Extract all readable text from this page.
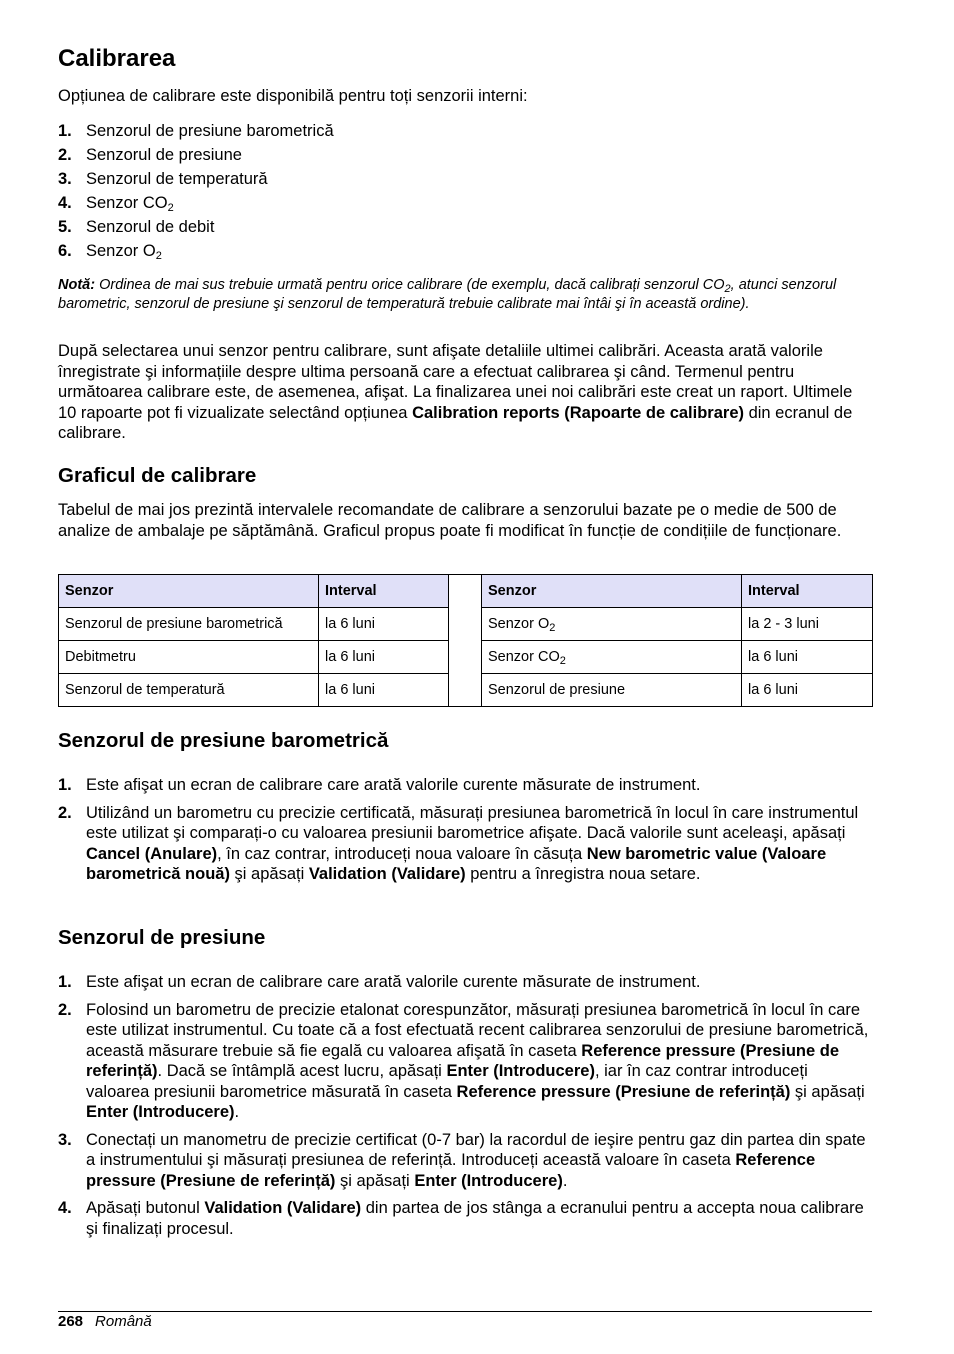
Calibrarea

Opțiunea de calibrare este disponibilă pentru toți senzorii interni:

1. Senzorul de presiune barometrică
2. Senzorul de presiune
3. Senzorul de temperatură
4. Senzor $CO_2$
5. Senzorul de debit
6. Senzor $O_2$

Notă: Ordinea de mai sus trebuie urmată pentru orice calibrare (de exemplu, dacă calibrați senzorul $CO_2$, atunci senzorul barometric, senzorul de presiune şi senzorul de temperatură trebuie calibrate mai întâi şi în această ordine).

După selectarea unui senzor pentru calibrare, sunt afişate detaliile ultimei calibrări. Aceasta arată valorile înregistrate şi informațiile despre ultima persoană care a efectuat calibrarea şi când. Termenul pentru următoarea calibrare este, de asemenea, afişat. La finalizarea unei noi calibrări este creat un raport. Ultimele 10 rapoarte pot fi vizualizate selectând opțiunea Calibration reports (Rapoarte de calibrare) din ecranul de calibrare.

Graficul de calibrare

Tabelul de mai jos prezintă intervalele recomandate de calibrare a senzorului bazate pe o medie de 500 de analize de ambalaje pe săptămână. Graficul propus poate fi modificat în funcție de condițiile de funcționare.

Senzor	Interval		Senzor	Interval
Senzorul de presiune barometrică	la 6 luni		Senzor $O_2$	la 2 - 3 luni
Debitmetru	la 6 luni		Senzor $CO_2$	la 6 luni
Senzorul de temperatură	la 6 luni		Senzorul de presiune	la 6 luni
Senzorul de presiune barometrică
1. Este afişat un ecran de calibrare care arată valorile curente măsurate de instrument.
2. Utilizând un barometru cu precizie certificată, măsurați presiunea barometrică în locul în care instrumentul este utilizat şi comparați-o cu valoarea presiunii barometrice afişate. Dacă valorile sunt aceleaşi, apăsați Cancel (Anulare), în caz contrar, introduceți noua valoare în căsuța New barometric value (Valoare barometrică nouă) şi apăsați Validation (Validare) pentru a înregistra noua setare.
Senzorul de presiune
1. Este afişat un ecran de calibrare care arată valorile curente măsurate de instrument.
2. Folosind un barometru de precizie etalonat corespunzător, măsurați presiunea barometrică în locul în care este utilizat instrumentul. Cu toate că a fost efectuată recent calibrarea senzorului de presiune barometrică, această măsurare trebuie să fie egală cu valoarea afişată în caseta Reference pressure (Presiune de referință). Dacă se întâmplă acest lucru, apăsați Enter (Introducere), iar în caz contrar introduceți valoarea presiunii barometrice măsurată în caseta Reference pressure (Presiune de referință) şi apăsați Enter (Introducere).
3. Conectați un manometru de precizie certificat (0-7 bar) la racordul de ieşire pentru gaz din partea din spate a instrumentului şi măsurați presiunea de referință. Introduceți această valoare în caseta Reference pressure (Presiune de referință) şi apăsați Enter (Introducere).
4. Apăsați butonul Validation (Validare) din partea de jos stânga a ecranului pentru a accepta noua calibrare şi finalizați procesul.
268 Română
